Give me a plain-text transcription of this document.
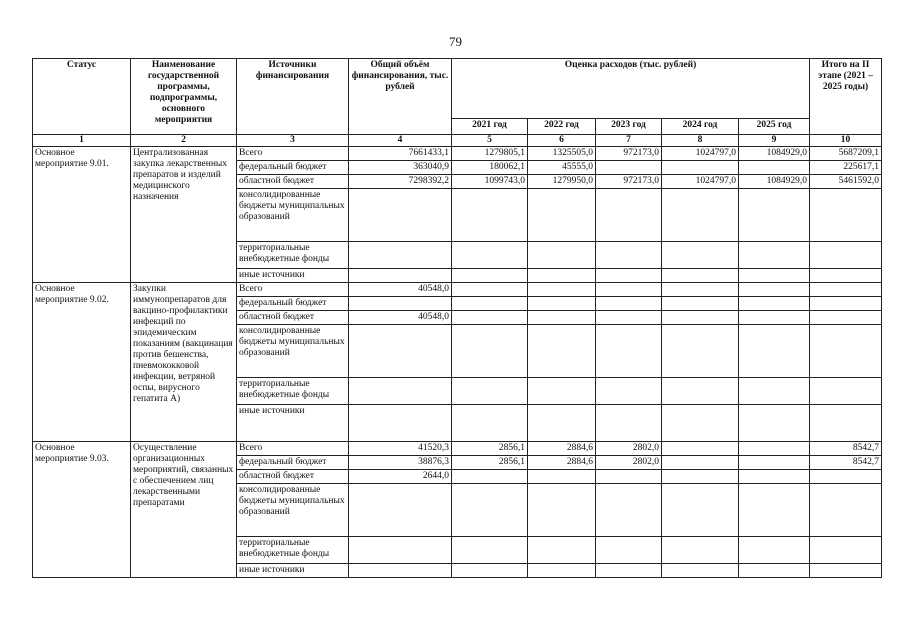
79
Статус	Наименование государственной программы, подпрограммы, основного мероприятия	Источники финансирования	Общий объём финансирования, тыс. рублей	Оценка расходов (тыс. рублей)					Итого на II этапе (2021 – 2025 годы)
				2021 год	2022 год	2023 год	2024 год	2025 год	
1	2	3	4	5	6	7	8	9	10
Основное мероприятие 9.01.	Централизованная закупка лекарственных препаратов и изделий медицинского назначения	Всего	7661433,1	1279805,1	1325505,0	972173,0	1024797,0	1084929,0	5687209,1
		федеральный бюджет	363040,9	180062,1	45555,0				225617,1
		областной бюджет	7298392,2	1099743,0	1279950,0	972173,0	1024797,0	1084929,0	5461592,0
		консолидированные бюджеты муниципальных образований							
		территориальные внебюджетные фонды							
		иные источники							
Основное мероприятие 9.02.	Закупки иммунопрепаратов для вакцино-профилактики инфекций по эпидемическим показаниям (вакцинация против бешенства, пневмококковой инфекции, ветряной оспы, вирусного гепатита А)	Всего	40548,0						
		федеральный бюджет							
		областной бюджет	40548,0						
		консолидированные бюджеты муниципальных образований							
		территориальные внебюджетные фонды							
		иные источники							
Основное мероприятие 9.03.	Осуществление организационных мероприятий, связанных с обеспечением лиц лекарственными препаратами	Всего	41520,3	2856,1	2884,6	2802,0			8542,7
		федеральный бюджет	38876,3	2856,1	2884,6	2802,0			8542,7
		областной бюджет	2644,0						
		консолидированные бюджеты муниципальных образований							
		территориальные внебюджетные фонды							
		иные источники							
